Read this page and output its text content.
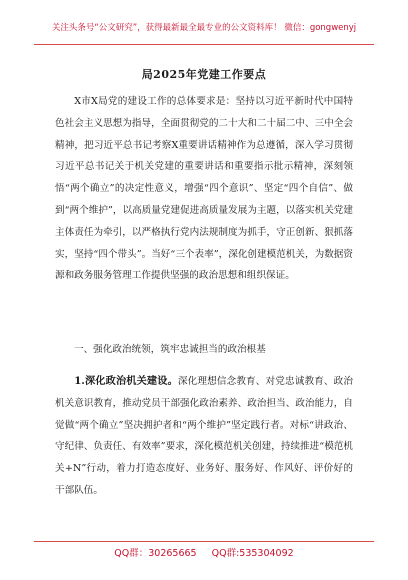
关注头条号“公文研究”，获得最新最全最专业的公文资料库！ 微信：gongwenyj
局2025年党建工作要点

X市X局党的建设工作的总体要求是：坚持以习近平新时代中国特色社会主义思想为指导，全面贯彻党的二十大和二十届二中、三中全会精神，把习近平总书记考察X重要讲话精神作为总遵循，深入学习贯彻习近平总书记关于机关党建的重要讲话和重要指示批示精神，深刻领悟“两个确立”的决定性意义，增强“四个意识”、坚定“四个自信”、做到“两个维护”，以高质量党建促进高质量发展为主题，以落实机关党建主体责任为牵引，以严格执行党内法规制度为抓手，守正创新、狠抓落实，坚持“四个带头”。当好“三个表率”，深化创建模范机关，为数据资源和政务服务管理工作提供坚强的政治思想和组织保证。

一、强化政治统领，筑牢忠诚担当的政治根基

1.深化政治机关建设。深化理想信念教育、对党忠诚教育、政治机关意识教育，推动党员干部强化政治素养、政治担当、政治能力，自觉做“两个确立”坚决拥护者和“两个维护”坚定践行者。对标“讲政治、守纪律、负责任、有效率”要求，深化模范机关创建，持续推进“模范机关+N”行动，着力打造态度好、业务好、服务好、作风好、评价好的干部队伍。

QQ群：30265665 QQ群:535304092
